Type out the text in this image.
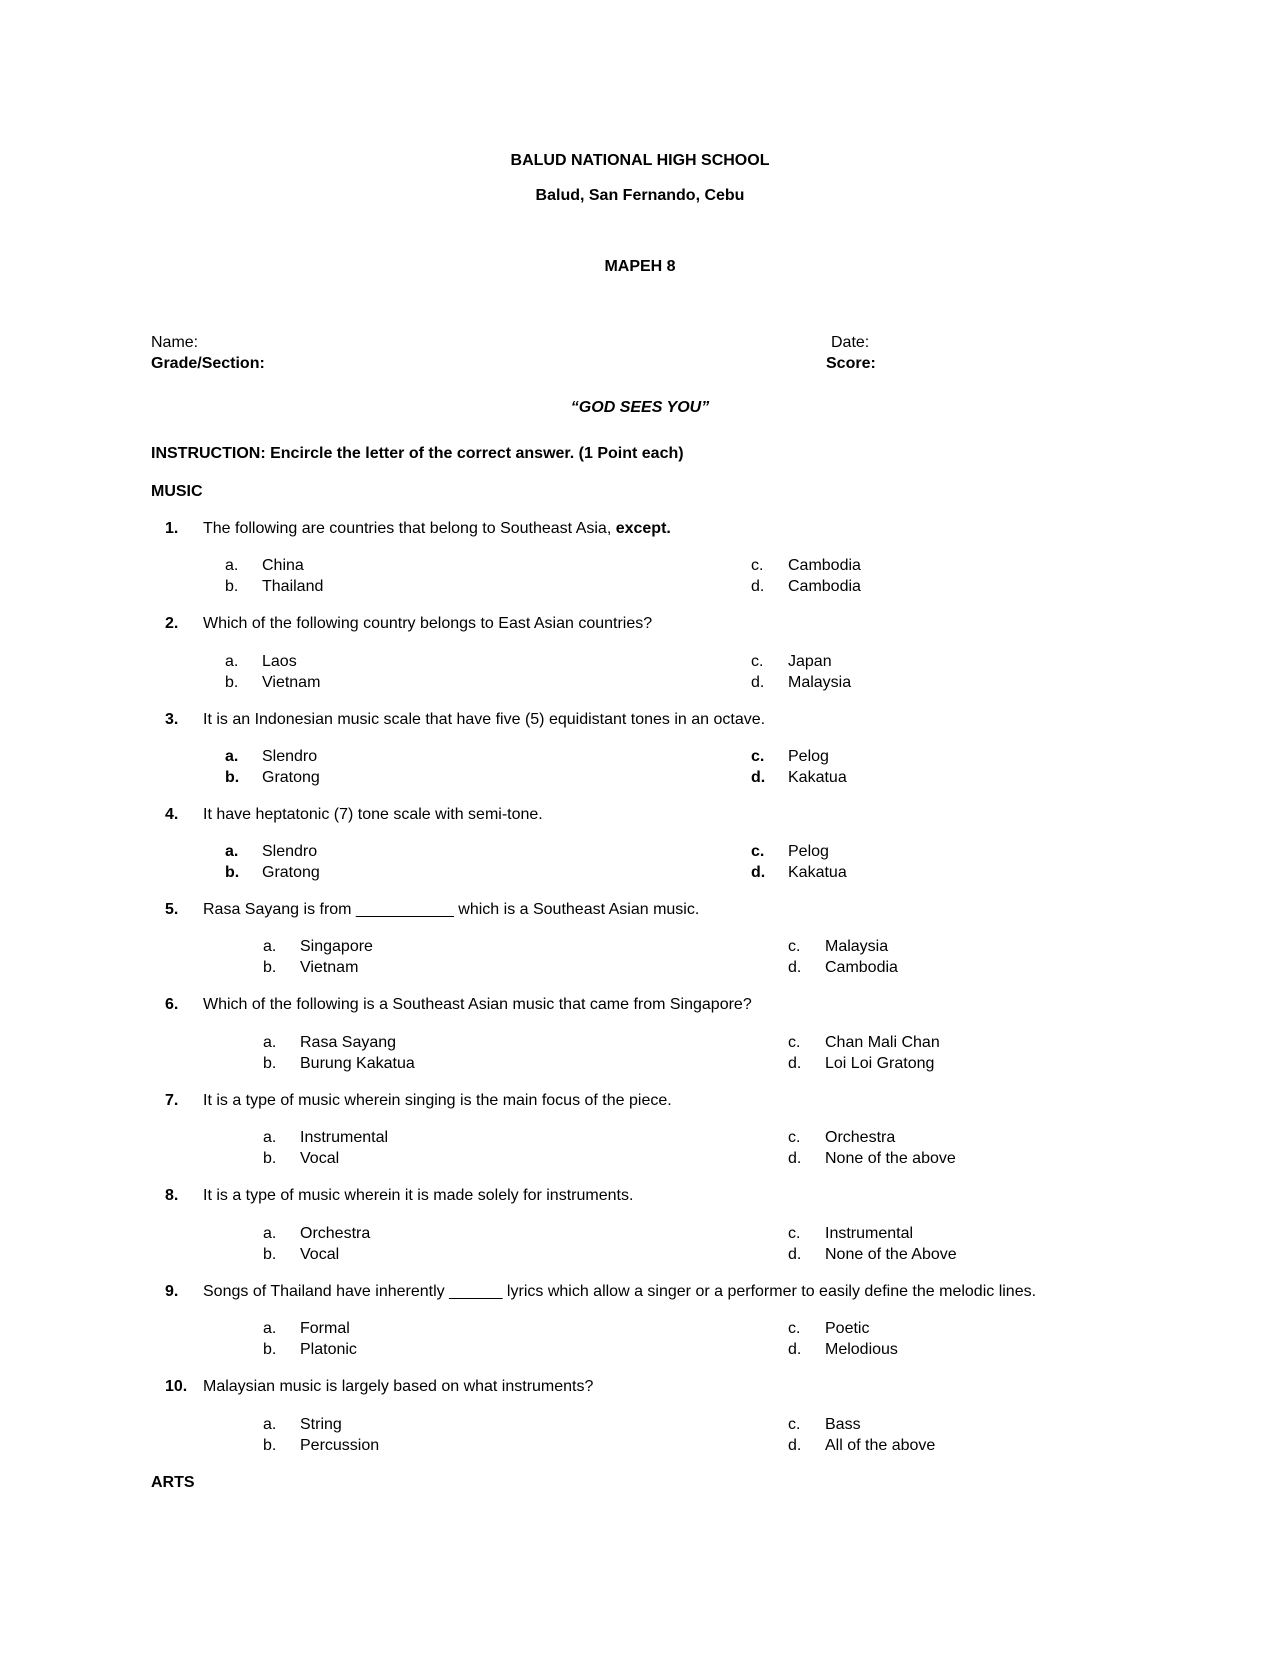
BALUD NATIONAL HIGH SCHOOL
Balud, San Fernando, Cebu
MAPEH 8
Name:	Date:
Grade/Section:	Score:
“GOD SEES YOU”
INSTRUCTION: Encircle the letter of the correct answer. (1 Point each)
MUSIC
1.	The following are countries that belong to Southeast Asia, except.
a. China
b. Thailand
c. Cambodia
d. Cambodia
2.	Which of the following country belongs to East Asian countries?
a. Laos
b. Vietnam
c. Japan
d. Malaysia
3.	It is an Indonesian music scale that have five (5) equidistant tones in an octave.
a. Slendro
b. Gratong
c. Pelog
d. Kakatua
4.	It have heptatonic (7) tone scale with semi-tone.
a. Slendro
b. Gratong
c. Pelog
d. Kakatua
5.	Rasa Sayang is from ___________ which is a Southeast Asian music.
a. Singapore
b. Vietnam
c. Malaysia
d. Cambodia
6.	Which of the following is a Southeast Asian music that came from Singapore?
a. Rasa Sayang
b. Burung Kakatua
c. Chan Mali Chan
d. Loi Loi Gratong
7.	It is a type of music wherein singing is the main focus of the piece.
a. Instrumental
b. Vocal
c. Orchestra
d. None of the above
8.	It is a type of music wherein it is made solely for instruments.
a. Orchestra
b. Vocal
c. Instrumental
d. None of the Above
9.	Songs of Thailand have inherently ______ lyrics which allow a singer or a performer to easily define the melodic lines.
a. Formal
b. Platonic
c. Poetic
d. Melodious
10. Malaysian music is largely based on what instruments?
a. String
b. Percussion
c. Bass
d. All of the above
ARTS
